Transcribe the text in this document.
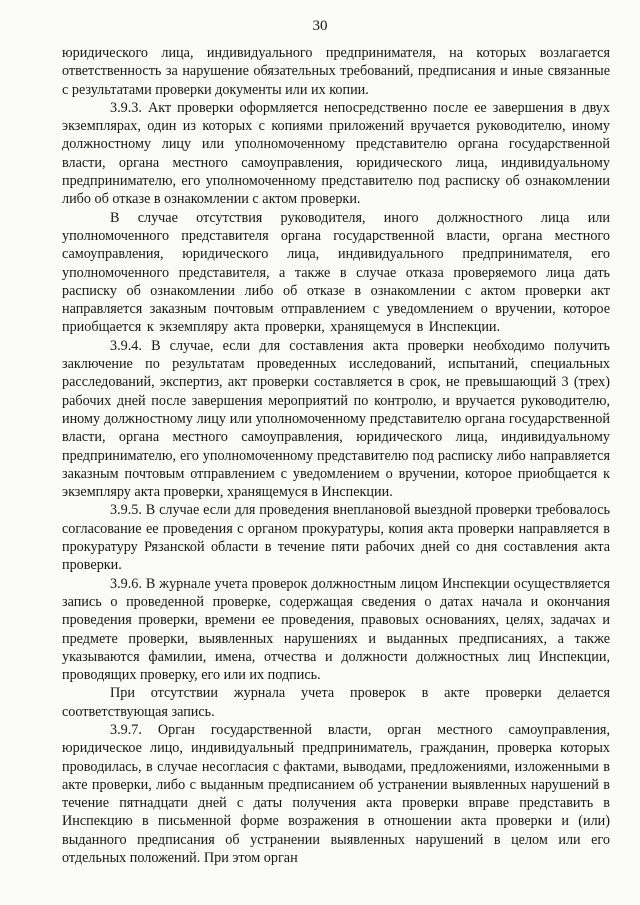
30

юридического лица, индивидуального предпринимателя, на которых возлагается ответственность за нарушение обязательных требований, предписания и иные связанные с результатами проверки документы или их копии.

3.9.3. Акт проверки оформляется непосредственно после ее завершения в двух экземплярах, один из которых с копиями приложений вручается руководителю, иному должностному лицу или уполномоченному представителю органа государственной власти, органа местного самоуправления, юридического лица, индивидуальному предпринимателю, его уполномоченному представителю под расписку об ознакомлении либо об отказе в ознакомлении с актом проверки.

В случае отсутствия руководителя, иного должностного лица или уполномоченного представителя органа государственной власти, органа местного самоуправления, юридического лица, индивидуального предпринимателя, его уполномоченного представителя, а также в случае отказа проверяемого лица дать расписку об ознакомлении либо об отказе в ознакомлении с актом проверки акт направляется заказным почтовым отправлением с уведомлением о вручении, которое приобщается к экземпляру акта проверки, хранящемуся в Инспекции.

3.9.4. В случае, если для составления акта проверки необходимо получить заключение по результатам проведенных исследований, испытаний, специальных расследований, экспертиз, акт проверки составляется в срок, не превышающий 3 (трех) рабочих дней после завершения мероприятий по контролю, и вручается руководителю, иному должностному лицу или уполномоченному представителю органа государственной власти, органа местного самоуправления, юридического лица, индивидуальному предпринимателю, его уполномоченному представителю под расписку либо направляется заказным почтовым отправлением с уведомлением о вручении, которое приобщается к экземпляру акта проверки, хранящемуся в Инспекции.

3.9.5. В случае если для проведения внеплановой выездной проверки требовалось согласование ее проведения с органом прокуратуры, копия акта проверки направляется в прокуратуру Рязанской области в течение пяти рабочих дней со дня составления акта проверки.

3.9.6. В журнале учета проверок должностным лицом Инспекции осуществляется запись о проведенной проверке, содержащая сведения о датах начала и окончания проведения проверки, времени ее проведения, правовых основаниях, целях, задачах и предмете проверки, выявленных нарушениях и выданных предписаниях, а также указываются фамилии, имена, отчества и должности должностных лиц Инспекции, проводящих проверку, его или их подпись.

При отсутствии журнала учета проверок в акте проверки делается соответствующая запись.

3.9.7. Орган государственной власти, орган местного самоуправления, юридическое лицо, индивидуальный предприниматель, гражданин, проверка которых проводилась, в случае несогласия с фактами, выводами, предложениями, изложенными в акте проверки, либо с выданным предписанием об устранении выявленных нарушений в течение пятнадцати дней с даты получения акта проверки вправе представить в Инспекцию в письменной форме возражения в отношении акта проверки и (или) выданного предписания об устранении выявленных нарушений в целом или его отдельных положений. При этом орган
